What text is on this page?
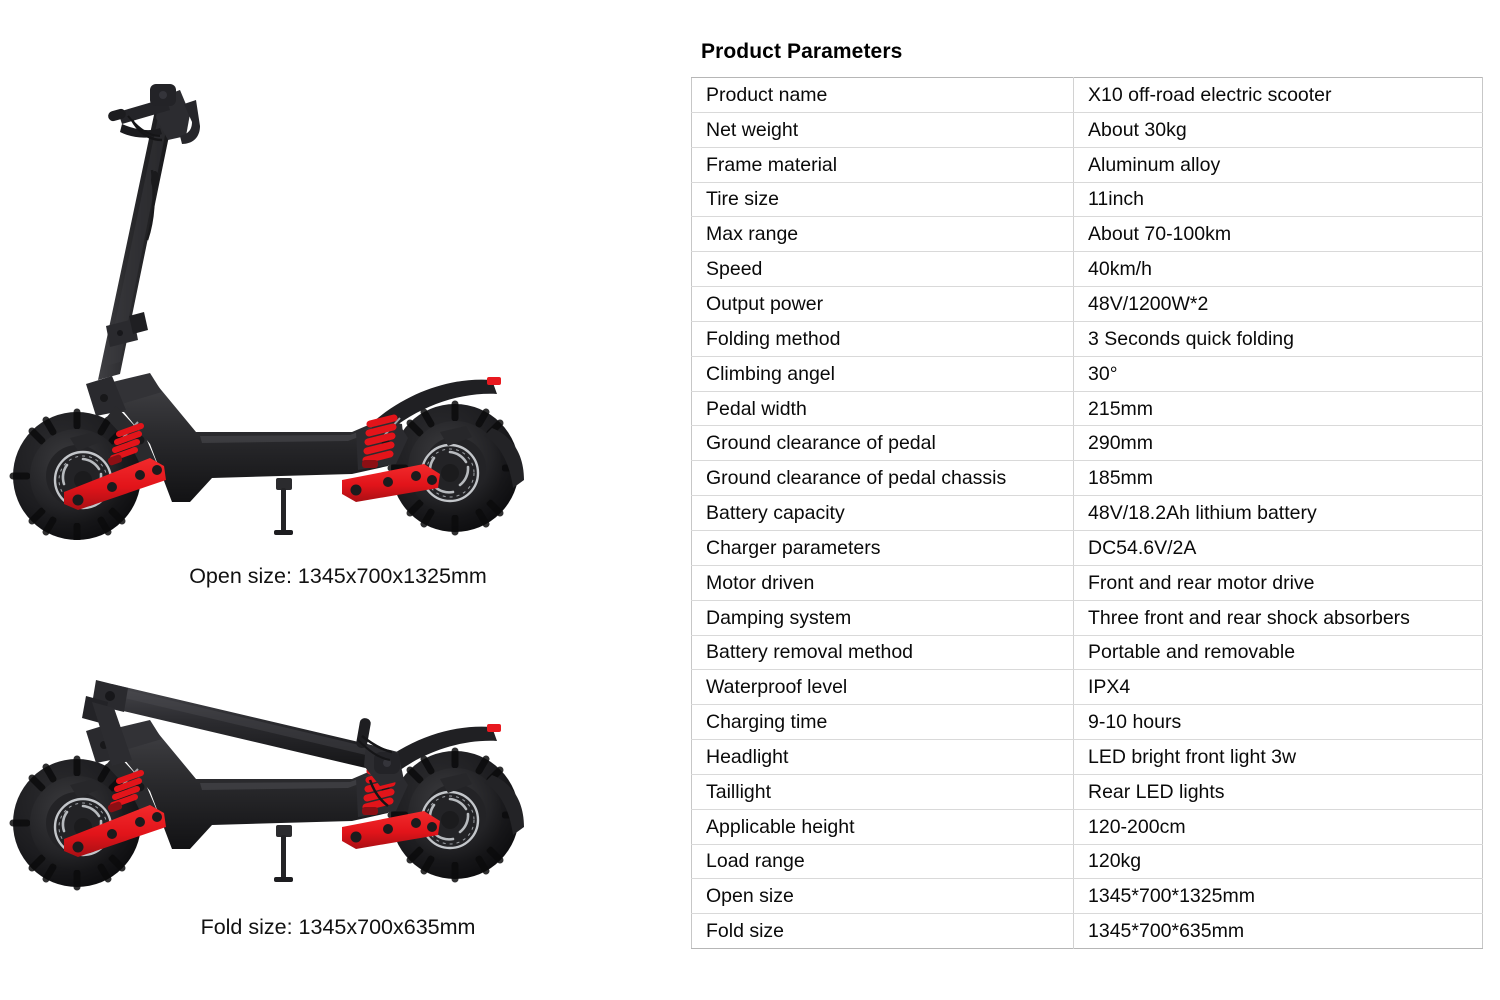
Open size: 1345x700x1325mm
Fold size: 1345x700x635mm
Product Parameters
Product name	X10 off-road electric scooter
Net weight	About 30kg
Frame material	Aluminum alloy
Tire size	11inch
Max range	About 70-100km
Speed	40km/h
Output power	48V/1200W*2
Folding method	3 Seconds quick folding
Climbing angel	30°
Pedal width	215mm
Ground clearance of pedal	290mm
Ground clearance of pedal chassis	185mm
Battery capacity	48V/18.2Ah lithium battery
Charger parameters	DC54.6V/2A
Motor driven	Front and rear motor drive
Damping system	Three front and rear shock absorbers
Battery removal method	Portable and removable
Waterproof level	IPX4
Charging time	9-10 hours
Headlight	LED bright front light 3w
Taillight	Rear LED lights
Applicable height	120-200cm
Load range	120kg
Open size	1345*700*1325mm
Fold size	1345*700*635mm
